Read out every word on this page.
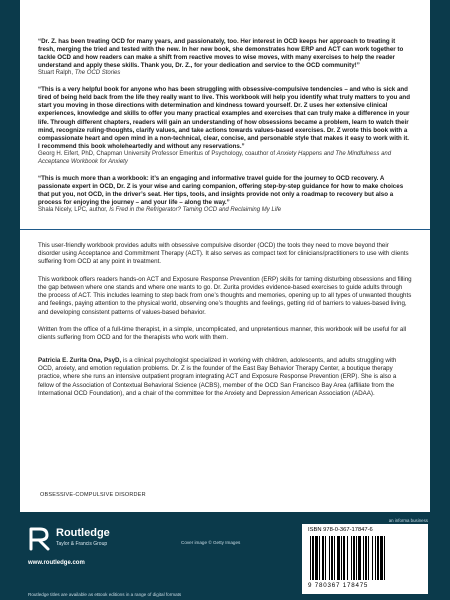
“Dr. Z. has been treating OCD for many years, and passionately, too. Her interest in OCD keeps her approach to treating it fresh, merging the tried and tested with the new. In her new book, she demonstrates how ERP and ACT can work together to tackle OCD and how readers can make a shift from reactive moves to wise moves, with many exercises to help the reader understand and apply these skills. Thank you, Dr. Z., for your dedication and service to the OCD community!”

Stuart Ralph, The OCD Stories

“This is a very helpful book for anyone who has been struggling with obsessive-compulsive tendencies – and who is sick and tired of being held back from the life they really want to live. This workbook will help you identify what truly matters to you and start you moving in those directions with determination and kindness toward yourself. Dr. Z uses her extensive clinical experiences, knowledge and skills to offer you many practical examples and exercises that can truly make a difference in your life. Through different chapters, readers will gain an understanding of how obsessions became a problem, learn to watch their mind, recognize ruling-thoughts, clarify values, and take actions towards values-based exercises. Dr. Z wrote this book with a compassionate heart and open mind in a non-technical, clear, concise, and personable style that makes it easy to work with it. I recommend this book wholeheartedly and without any reservations.”

Georg H. Eifert, PhD, Chapman University Professor Emeritus of Psychology, coauthor of Anxiety Happens and The Mindfulness and Acceptance Workbook for Anxiety

“This is much more than a workbook: it’s an engaging and informative travel guide for the journey to OCD recovery. A passionate expert in OCD, Dr. Z is your wise and caring companion, offering step-by-step guidance for how to make choices that put you, not OCD, in the driver’s seat. Her tips, tools, and insights provide not only a roadmap to recovery but also a process for enjoying the journey – and your life – along the way.”

Shala Nicely, LPC, author, Is Fred in the Refrigerator? Taming OCD and Reclaiming My Life

This user-friendly workbook provides adults with obsessive compulsive disorder (OCD) the tools they need to move beyond their disorder using Acceptance and Commitment Therapy (ACT). It also serves as compact text for clinicians/practitioners to use with clients suffering from OCD at any point in treatment.

This workbook offers readers hands-on ACT and Exposure Response Prevention (ERP) skills for taming disturbing obsessions and filling the gap between where one stands and where one wants to go. Dr. Zurita provides evidence-based exercises to guide adults through the process of ACT. This includes learning to step back from one’s thoughts and memories, opening up to all types of unwanted thoughts and feelings, paying attention to the physical world, observing one’s thoughts and feelings, getting rid of barriers to values-based living, and developing consistent patterns of values-based behavior.

Written from the office of a full-time therapist, in a simple, uncomplicated, and unpretentious manner, this workbook will be useful for all clients suffering from OCD and for the therapists who work with them.

Patricia E. Zurita Ona, PsyD, is a clinical psychologist specialized in working with children, adolescents, and adults struggling with OCD, anxiety, and emotion regulation problems. Dr. Z is the founder of the East Bay Behavior Therapy Center, a boutique therapy practice, where she runs an intensive outpatient program integrating ACT and Exposure Response Prevention (ERP). She is also a fellow of the Association of Contextual Behavioral Science (ACBS), member of the OCD San Francisco Bay Area (affiliate from the International OCD Foundation), and a chair of the committee for the Anxiety and Depression American Association (ADAA).

OBSESSIVE-COMPULSIVE DISORDER
Routledge
Taylor & Francis Group
www.routledge.com
Routledge titles are available as eBook editions in a range of digital formats
Cover image © Getty Images
an informa business
ISBN 978-0-367-17847-6
9 780367 178475
